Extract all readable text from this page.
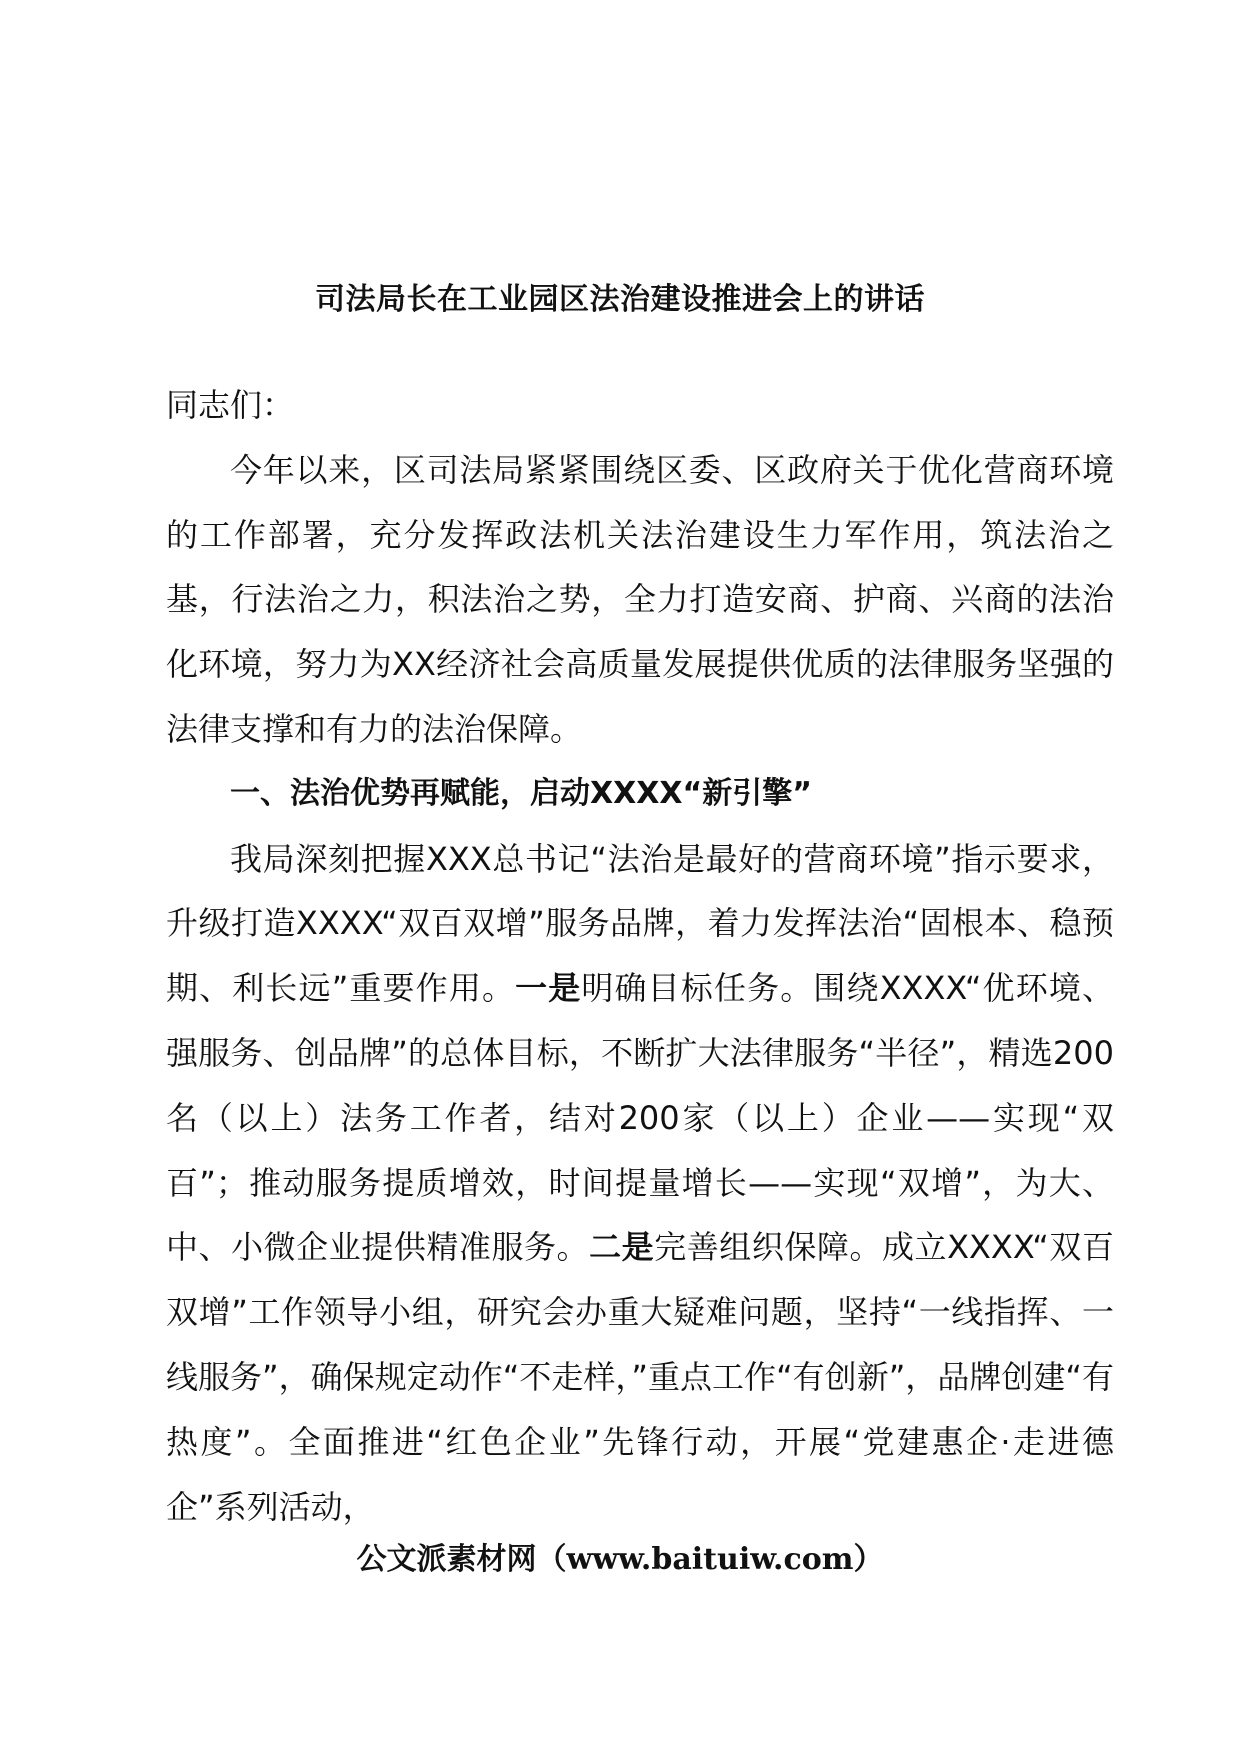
司法局长在工业园区法治建设推进会上的讲话

同志们：

今年以来，区司法局紧紧围绕区委、区政府关于优化营商环境的工作部署，充分发挥政法机关法治建设生力军作用，筑法治之基，行法治之力，积法治之势，全力打造安商、护商、兴商的法治化环境，努力为XX经济社会高质量发展提供优质的法律服务坚强的法律支撑和有力的法治保障。

一、法治优势再赋能，启动XXXX“新引擎”

我局深刻把握XXX总书记“法治是最好的营商环境”指示要求，升级打造XXXX“双百双增”服务品牌，着力发挥法治“固根本、稳预期、利长远”重要作用。一是明确目标任务。围绕XXXX“优环境、强服务、创品牌”的总体目标，不断扩大法律服务“半径”，精选200名（以上）法务工作者，结对200家（以上）企业——实现“双百”；推动服务提质增效，时间提量增长——实现“双增”，为大、中、小微企业提供精准服务。二是完善组织保障。成立XXXX“双百双增”工作领导小组，研究会办重大疑难问题，坚持“一线指挥、一线服务”，确保规定动作“不走样，”重点工作“有创新”，品牌创建“有热度”。全面推进“红色企业”先锋行动，开展“党建惠企·走进德企”系列活动，

公文派素材网（www.baituiw.com）
